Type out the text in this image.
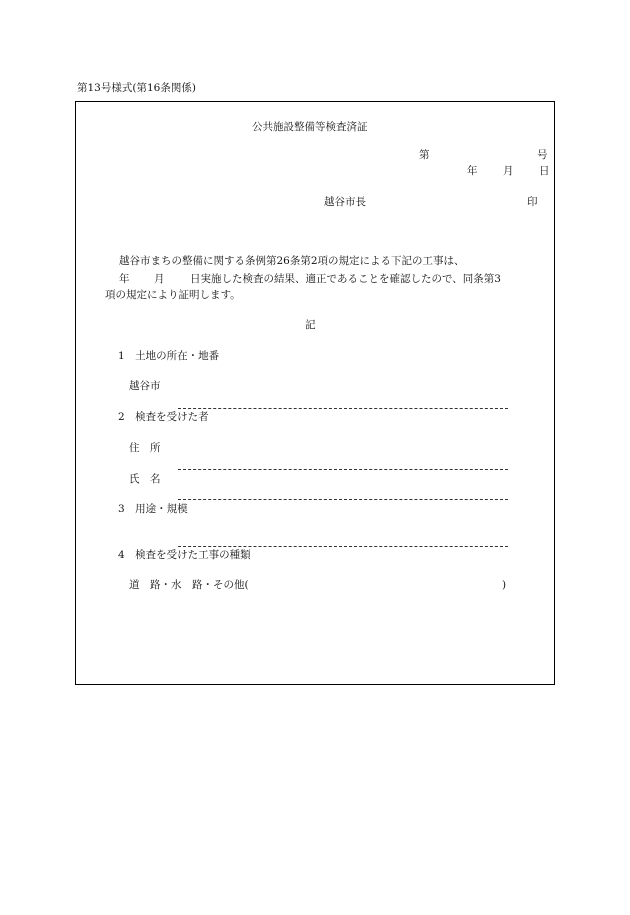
第13号様式(第16条関係)
公共施設整備等検査済証
第	号
年 月 日
越谷市長	印
越谷市まちの整備に関する条例第26条第2項の規定による下記の工事は、
年 月 日実施した検査の結果、適正であることを確認したので、同条第3
項の規定により証明します。
記
1　土地の所在・地番
越谷市
2　検査を受けた者
住　所
氏　名
3　用途・規模
4　検査を受けた工事の種類
道　路・水　路・その他(	)
